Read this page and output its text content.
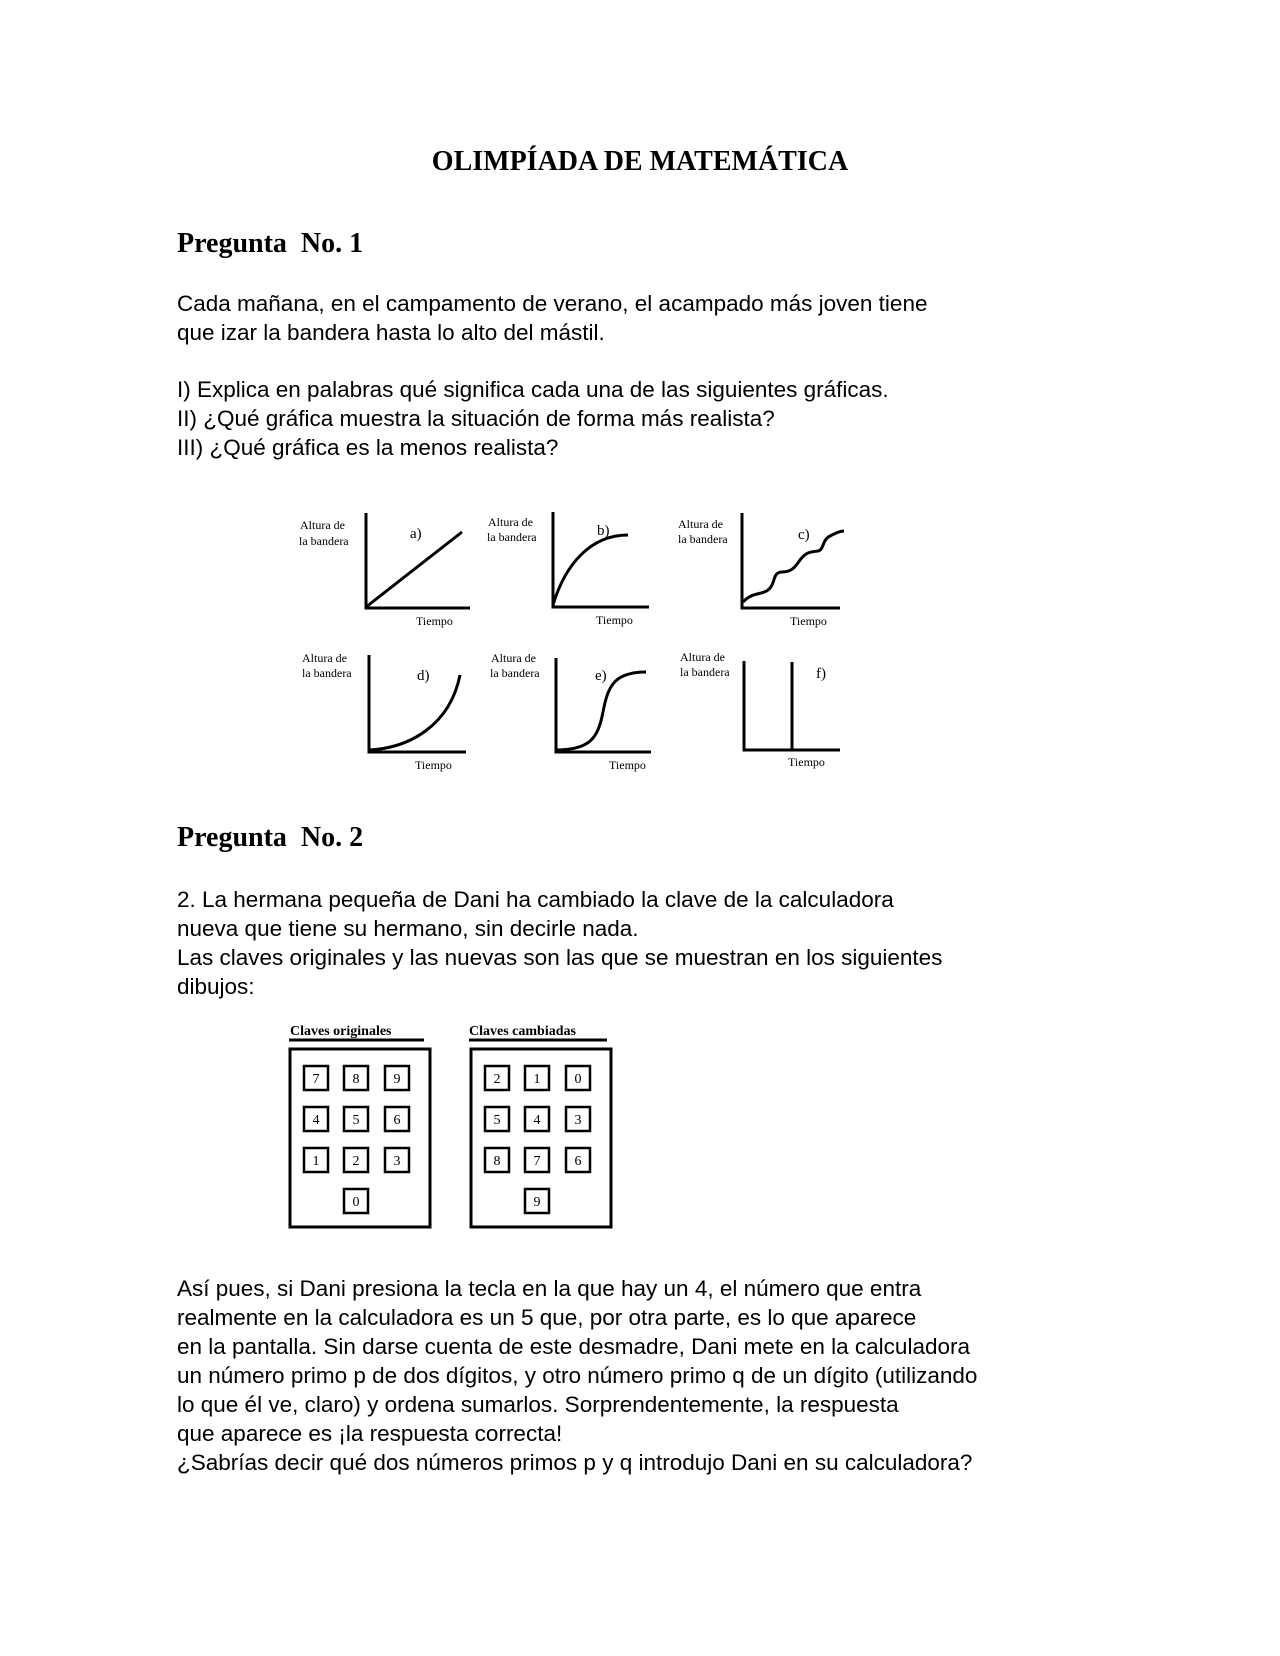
OLIMPÍADA DE MATEMÁTICA
Pregunta  No. 1
Cada mañana, en el campamento de verano, el acampado más joven tiene
que izar la bandera hasta lo alto del mástil.
I) Explica en palabras qué significa cada una de las siguientes gráficas.
II) ¿Qué gráfica muestra la situación de forma más realista?
III) ¿Qué gráfica es la menos realista?
Altura de
la bandera
Altura de
la bandera
Altura de
la bandera
Altura de
la bandera
Altura de
la bandera
Altura de
la bandera
Tiempo	Tiempo	Tiempo
Tiempo	Tiempo	Tiempo
a)	b)	c)
d)	e)	f)
Pregunta  No. 2
2. La hermana pequeña de Dani ha cambiado la clave de la calculadora
nueva que tiene su hermano, sin decirle nada.
Las claves originales y las nuevas son las que se muestran en los siguientes
dibujos:
Claves originales	Claves cambiadas
7 8 9
4 5 6
1 2 3
0
2 1 0
5 4 3
8 7 6
9
Así pues, si Dani presiona la tecla en la que hay un 4, el número que entra
realmente en la calculadora es un 5 que, por otra parte, es lo que aparece
en la pantalla. Sin darse cuenta de este desmadre, Dani mete en la calculadora
un número primo p de dos dígitos, y otro número primo q de un dígito (utilizando
lo que él ve, claro) y ordena sumarlos. Sorprendentemente, la respuesta
que aparece es ¡la respuesta correcta!
¿Sabrías decir qué dos números primos p y q introdujo Dani en su calculadora?
